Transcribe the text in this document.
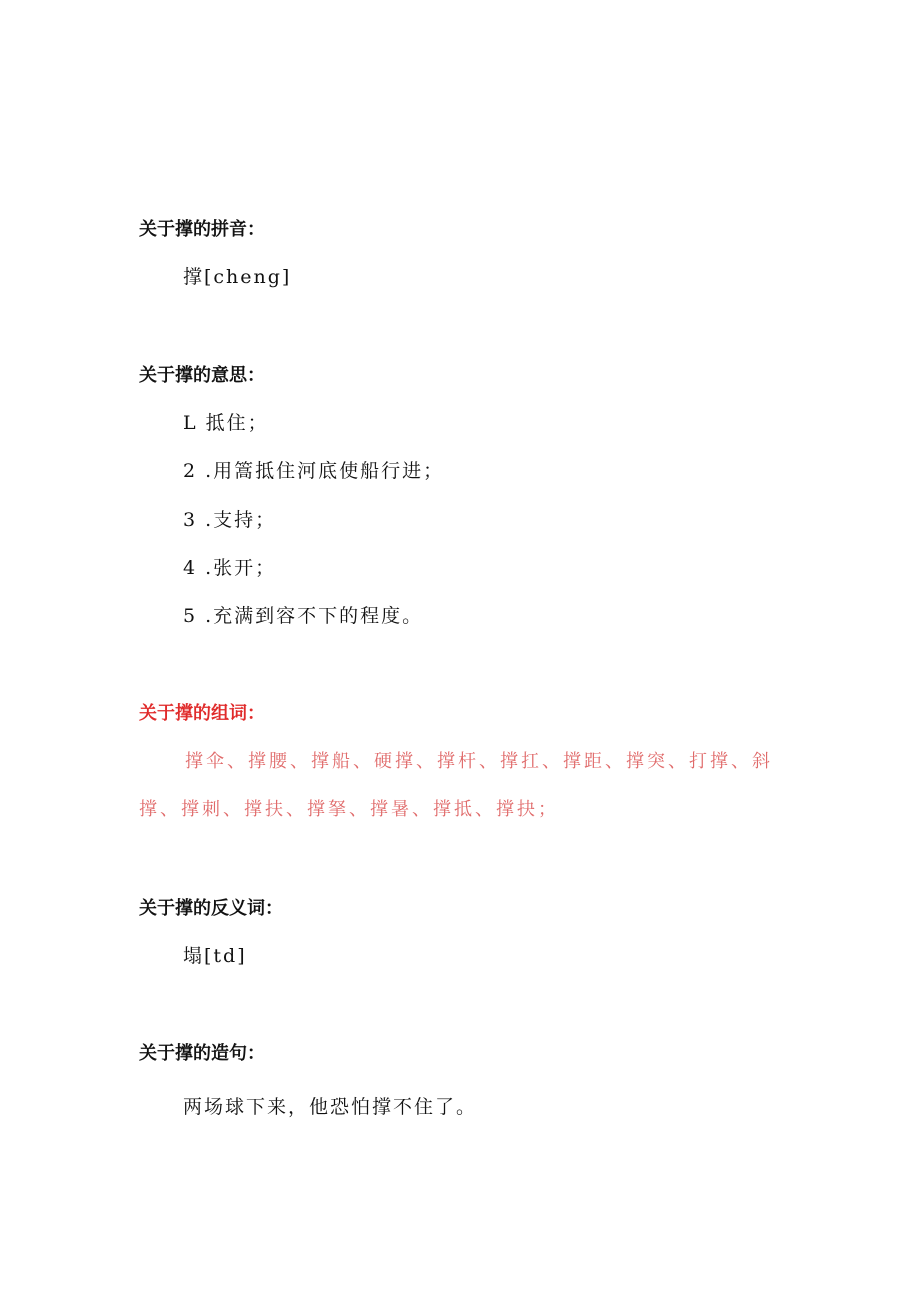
关于撑的拼音：
撑[cheng]
关于撑的意思：
L 抵住；
2 .用篙抵住河底使船行进；
3 .支持；
4 .张开；
5 .充满到容不下的程度。
关于撑的组词：
撑伞、撑腰、撑船、硬撑、撑杆、撑扛、撑距、撑突、打撑、斜
撑、撑刺、撑扶、撑拏、撑暑、撑抵、撑抉；
关于撑的反义词：
塌[td]
关于撑的造句：
两场球下来，他恐怕撑不住了。
